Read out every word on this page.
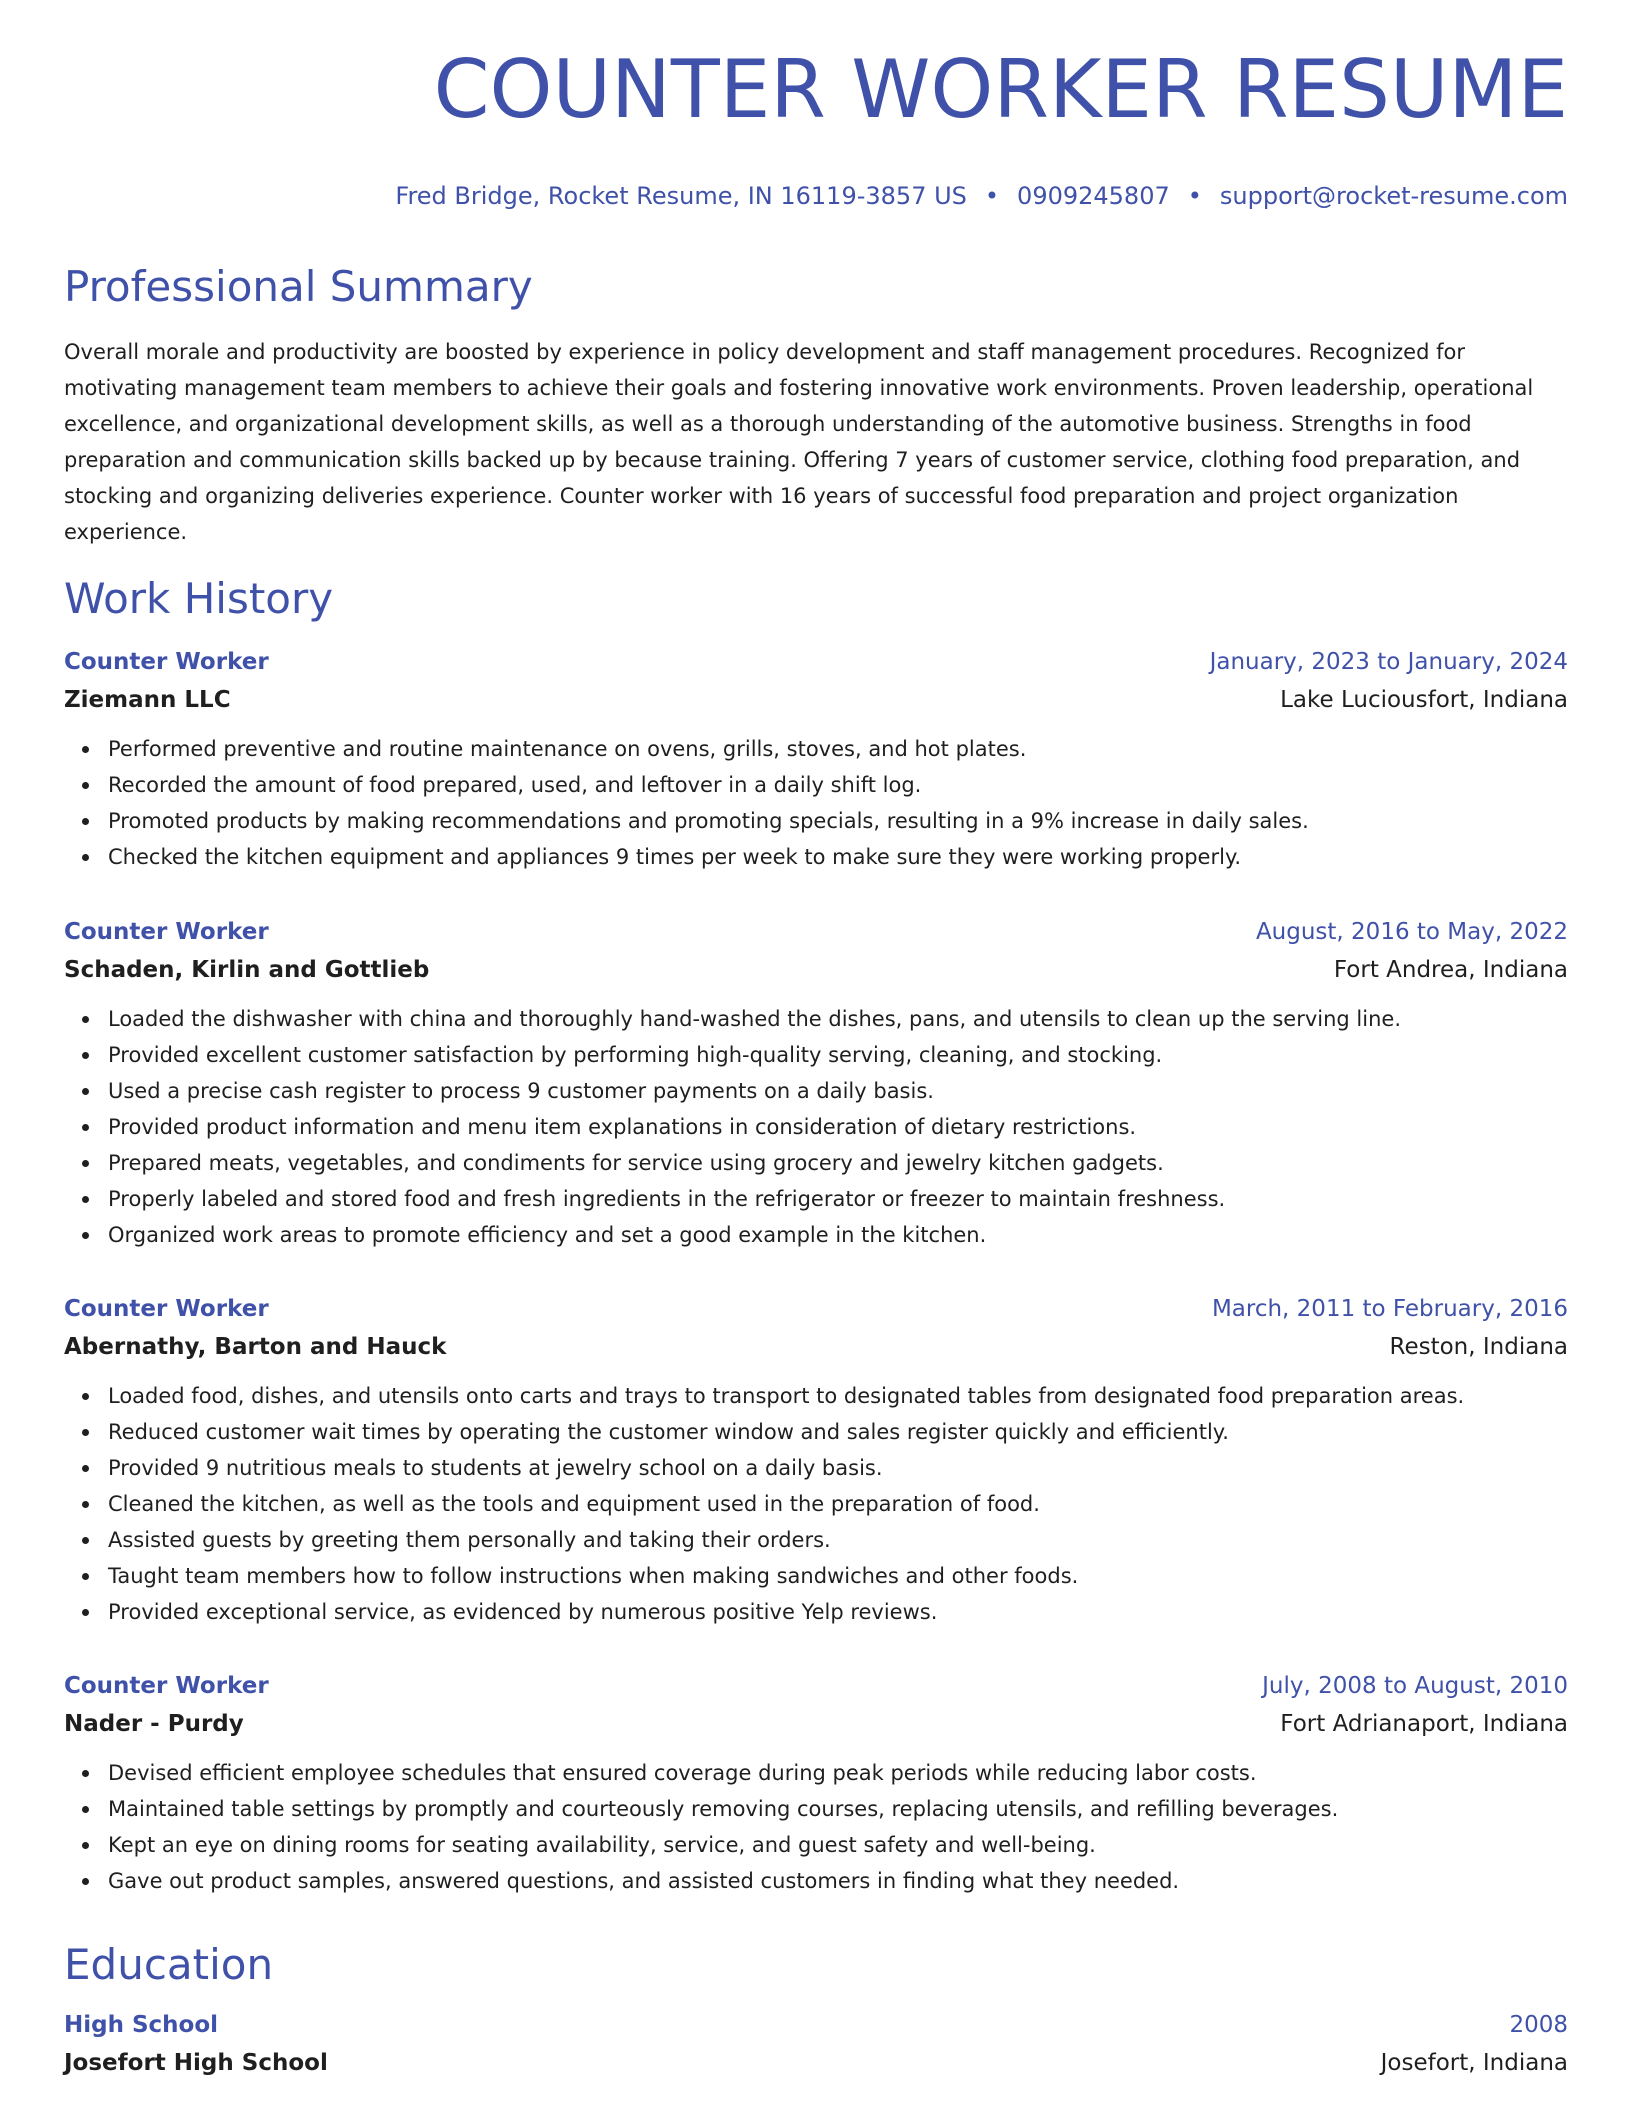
COUNTER WORKER RESUME
Fred Bridge, Rocket Resume, IN 16119-3857 US • 0909245807 • support@rocket-resume.com
Professional Summary

Overall morale and productivity are boosted by experience in policy development and staff management procedures. Recognized for motivating management team members to achieve their goals and fostering innovative work environments. Proven leadership, operational excellence, and organizational development skills, as well as a thorough understanding of the automotive business. Strengths in food preparation and communication skills backed up by because training. Offering 7 years of customer service, clothing food preparation, and stocking and organizing deliveries experience. Counter worker with 16 years of successful food preparation and project organization experience.

Work History
Counter Worker	January, 2023 to January, 2024
Ziemann LLC	Lake Luciousfort, Indiana
Performed preventive and routine maintenance on ovens, grills, stoves, and hot plates.
Recorded the amount of food prepared, used, and leftover in a daily shift log.
Promoted products by making recommendations and promoting specials, resulting in a 9% increase in daily sales.
Checked the kitchen equipment and appliances 9 times per week to make sure they were working properly.
Counter Worker	August, 2016 to May, 2022
Schaden, Kirlin and Gottlieb	Fort Andrea, Indiana
Loaded the dishwasher with china and thoroughly hand-washed the dishes, pans, and utensils to clean up the serving line.
Provided excellent customer satisfaction by performing high-quality serving, cleaning, and stocking.
Used a precise cash register to process 9 customer payments on a daily basis.
Provided product information and menu item explanations in consideration of dietary restrictions.
Prepared meats, vegetables, and condiments for service using grocery and jewelry kitchen gadgets.
Properly labeled and stored food and fresh ingredients in the refrigerator or freezer to maintain freshness.
Organized work areas to promote efficiency and set a good example in the kitchen.
Counter Worker	March, 2011 to February, 2016
Abernathy, Barton and Hauck	Reston, Indiana
Loaded food, dishes, and utensils onto carts and trays to transport to designated tables from designated food preparation areas.
Reduced customer wait times by operating the customer window and sales register quickly and efficiently.
Provided 9 nutritious meals to students at jewelry school on a daily basis.
Cleaned the kitchen, as well as the tools and equipment used in the preparation of food.
Assisted guests by greeting them personally and taking their orders.
Taught team members how to follow instructions when making sandwiches and other foods.
Provided exceptional service, as evidenced by numerous positive Yelp reviews.
Counter Worker	July, 2008 to August, 2010
Nader - Purdy	Fort Adrianaport, Indiana
Devised efficient employee schedules that ensured coverage during peak periods while reducing labor costs.
Maintained table settings by promptly and courteously removing courses, replacing utensils, and refilling beverages.
Kept an eye on dining rooms for seating availability, service, and guest safety and well-being.
Gave out product samples, answered questions, and assisted customers in finding what they needed.
Education
High School	2008
Josefort High School	Josefort, Indiana
